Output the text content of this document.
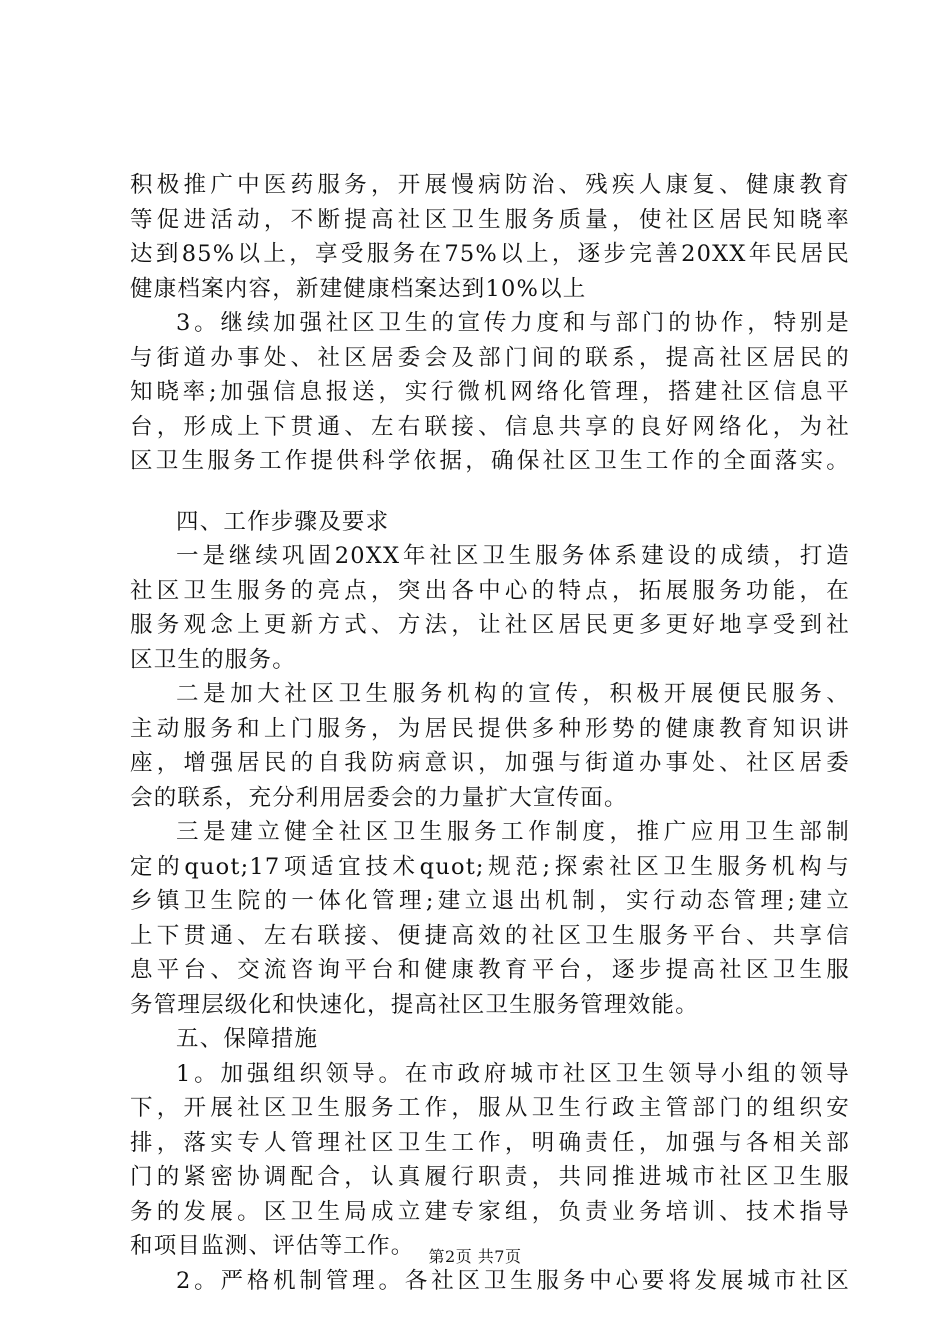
积极推广中医药服务，开展慢病防治、残疾人康复、健康教育
等促进活动，不断提高社区卫生服务质量，使社区居民知晓率
达到85%以上，享受服务在75%以上，逐步完善20XX年民居民
健康档案内容，新建健康档案达到10%以上
3。继续加强社区卫生的宣传力度和与部门的协作，特别是
与街道办事处、社区居委会及部门间的联系，提高社区居民的
知晓率;加强信息报送，实行微机网络化管理，搭建社区信息平
台，形成上下贯通、左右联接、信息共享的良好网络化，为社
区卫生服务工作提供科学依据，确保社区卫生工作的全面落实。
四、工作步骤及要求
一是继续巩固20XX年社区卫生服务体系建设的成绩，打造
社区卫生服务的亮点，突出各中心的特点，拓展服务功能，在
服务观念上更新方式、方法，让社区居民更多更好地享受到社
区卫生的服务。
二是加大社区卫生服务机构的宣传，积极开展便民服务、
主动服务和上门服务，为居民提供多种形势的健康教育知识讲
座，增强居民的自我防病意识，加强与街道办事处、社区居委
会的联系，充分利用居委会的力量扩大宣传面。
三是建立健全社区卫生服务工作制度，推广应用卫生部制
定的quot;17项适宜技术quot;规范;探索社区卫生服务机构与
乡镇卫生院的一体化管理;建立退出机制，实行动态管理;建立
上下贯通、左右联接、便捷高效的社区卫生服务平台、共享信
息平台、交流咨询平台和健康教育平台，逐步提高社区卫生服
务管理层级化和快速化，提高社区卫生服务管理效能。
五、保障措施
1。加强组织领导。在市政府城市社区卫生领导小组的领导
下，开展社区卫生服务工作，服从卫生行政主管部门的组织安
排，落实专人管理社区卫生工作，明确责任，加强与各相关部
门的紧密协调配合，认真履行职责，共同推进城市社区卫生服
务的发展。区卫生局成立建专家组，负责业务培训、技术指导
和项目监测、评估等工作。
2。严格机制管理。各社区卫生服务中心要将发展城市社区
第2页 共7页
